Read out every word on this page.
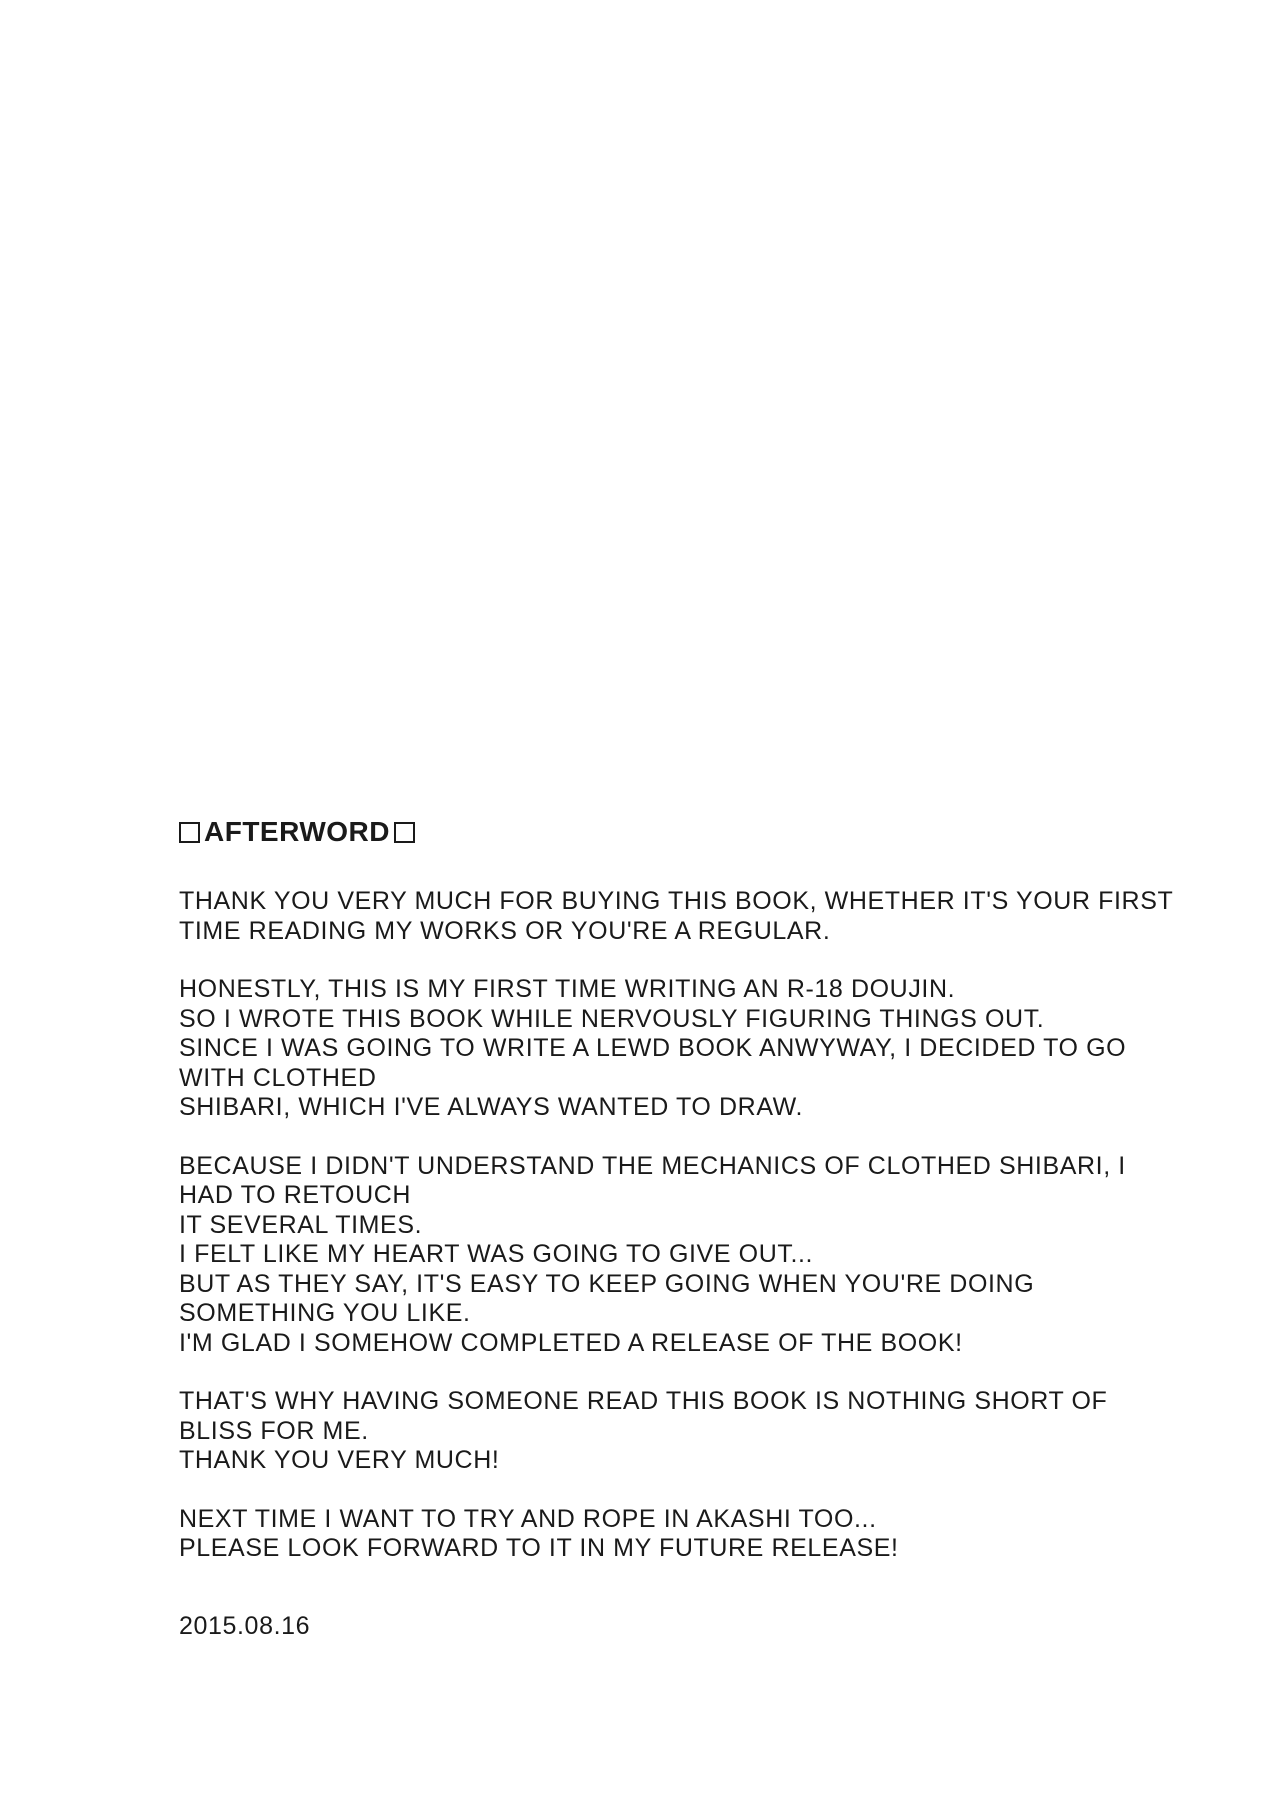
AFTERWORD
THANK YOU VERY MUCH FOR BUYING THIS BOOK, WHETHER IT'S YOUR FIRST
TIME READING MY WORKS OR YOU'RE A REGULAR.
HONESTLY, THIS IS MY FIRST TIME WRITING AN R-18 DOUJIN.
SO I WROTE THIS BOOK WHILE NERVOUSLY FIGURING THINGS OUT.
SINCE I WAS GOING TO WRITE A LEWD BOOK ANWYWAY, I DECIDED TO GO
WITH CLOTHED
SHIBARI, WHICH I'VE ALWAYS WANTED TO DRAW.
BECAUSE I DIDN'T UNDERSTAND THE MECHANICS OF CLOTHED SHIBARI, I
HAD TO RETOUCH
IT SEVERAL TIMES.
I FELT LIKE MY HEART WAS GOING TO GIVE OUT...
BUT AS THEY SAY, IT'S EASY TO KEEP GOING WHEN YOU'RE DOING
SOMETHING YOU LIKE.
I'M GLAD I SOMEHOW COMPLETED A RELEASE OF THE BOOK!
THAT'S WHY HAVING SOMEONE READ THIS BOOK IS NOTHING SHORT OF
BLISS FOR ME.
THANK YOU VERY MUCH!
NEXT TIME I WANT TO TRY AND ROPE IN AKASHI TOO...
PLEASE LOOK FORWARD TO IT IN MY FUTURE RELEASE!
2015.08.16
